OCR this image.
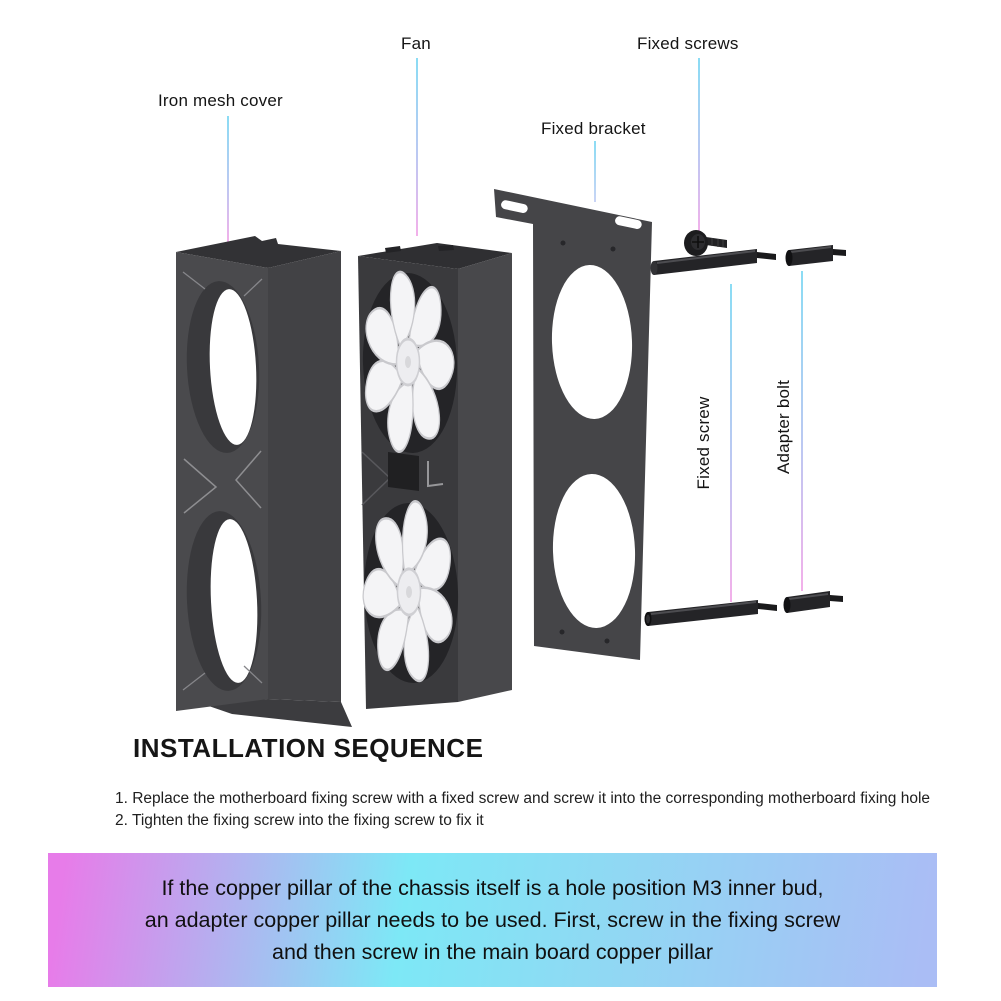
Iron mesh cover
Fan	Fixed screws
Fixed bracket
Fixed screw	Adapter bolt
INSTALLATION SEQUENCE
1. Replace the motherboard fixing screw with a fixed screw and screw it into the corresponding motherboard fixing hole
2. Tighten the fixing screw into the fixing screw to fix it
If the copper pillar of the chassis itself is a hole position M3 inner bud,
an adapter copper pillar needs to be used. First, screw in the fixing screw
and then screw in the main board copper pillar
